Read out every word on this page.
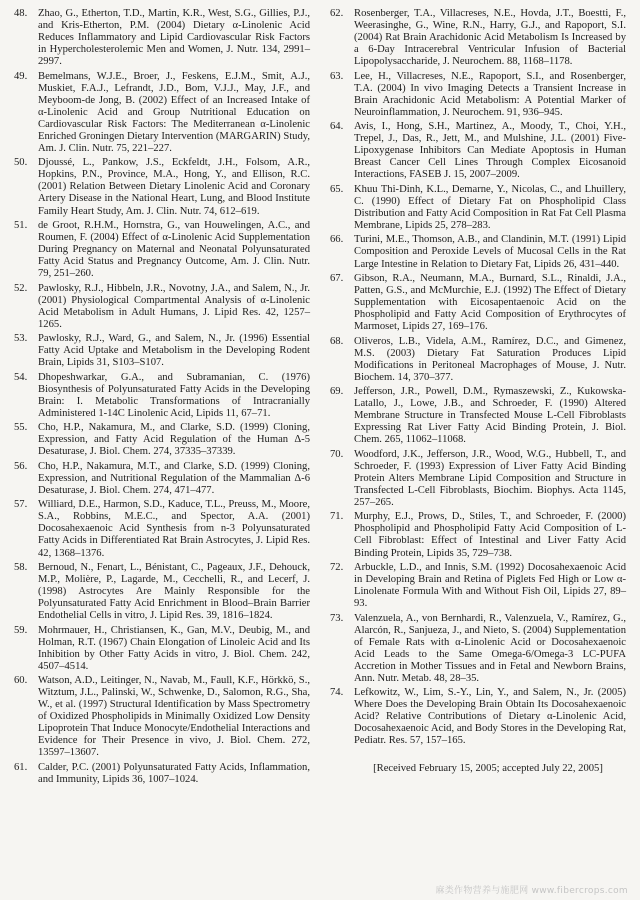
48.	Zhao, G., Etherton, T.D., Martin, K.R., West, S.G., Gillies, P.J., and Kris-Etherton, P.M. (2004) Dietary α-Linolenic Acid Reduces Inflammatory and Lipid Cardiovascular Risk Factors in Hypercholesterolemic Men and Women, J. Nutr. 134, 2991–2997.
49.	Bemelmans, W.J.E., Broer, J., Feskens, E.J.M., Smit, A.J., Muskiet, F.A.J., Lefrandt, J.D., Bom, V.J.J., May, J.F., and Meyboom-de Jong, B. (2002) Effect of an Increased Intake of α-Linolenic Acid and Group Nutritional Education on Cardiovascular Risk Factors: The Mediterranean α-Linolenic Enriched Groningen Dietary Intervention (MARGARIN) Study, Am. J. Clin. Nutr. 75, 221–227.
50.	Djoussé, L., Pankow, J.S., Eckfeldt, J.H., Folsom, A.R., Hopkins, P.N., Province, M.A., Hong, Y., and Ellison, R.C. (2001) Relation Between Dietary Linolenic Acid and Coronary Artery Disease in the National Heart, Lung, and Blood Institute Family Heart Study, Am. J. Clin. Nutr. 74, 612–619.
51.	de Groot, R.H.M., Hornstra, G., van Houwelingen, A.C., and Roumen, F. (2004) Effect of α-Linolenic Acid Supplementation During Pregnancy on Maternal and Neonatal Polyunsaturated Fatty Acid Status and Pregnancy Outcome, Am. J. Clin. Nutr. 79, 251–260.
52.	Pawlosky, R.J., Hibbeln, J.R., Novotny, J.A., and Salem, N., Jr. (2001) Physiological Compartmental Analysis of α-Linolenic Acid Metabolism in Adult Humans, J. Lipid Res. 42, 1257–1265.
53.	Pawlosky, R.J., Ward, G., and Salem, N., Jr. (1996) Essential Fatty Acid Uptake and Metabolism in the Developing Rodent Brain, Lipids 31, S103–S107.
54.	Dhopeshwarkar, G.A., and Subramanian, C. (1976) Biosynthesis of Polyunsaturated Fatty Acids in the Developing Brain: I. Metabolic Transformations of Intracranially Administered 1-14C Linolenic Acid, Lipids 11, 67–71.
55.	Cho, H.P., Nakamura, M., and Clarke, S.D. (1999) Cloning, Expression, and Fatty Acid Regulation of the Human Δ-5 Desaturase, J. Biol. Chem. 274, 37335–37339.
56.	Cho, H.P., Nakamura, M.T., and Clarke, S.D. (1999) Cloning, Expression, and Nutritional Regulation of the Mammalian Δ-6 Desaturase, J. Biol. Chem. 274, 471–477.
57.	Williard, D.E., Harmon, S.D., Kaduce, T.L., Preuss, M., Moore, S.A., Robbins, M.E.C., and Spector, A.A. (2001) Docosahexaenoic Acid Synthesis from n-3 Polyunsaturated Fatty Acids in Differentiated Rat Brain Astrocytes, J. Lipid Res. 42, 1368–1376.
58.	Bernoud, N., Fenart, L., Bénistant, C., Pageaux, J.F., Dehouck, M.P., Molière, P., Lagarde, M., Cecchelli, R., and Lecerf, J. (1998) Astrocytes Are Mainly Responsible for the Polyunsaturated Fatty Acid Enrichment in Blood–Brain Barrier Endothelial Cells in vitro, J. Lipid Res. 39, 1816–1824.
59.	Mohrmauer, H., Christiansen, K., Gan, M.V., Deubig, M., and Holman, R.T. (1967) Chain Elongation of Linoleic Acid and Its Inhibition by Other Fatty Acids in vitro, J. Biol. Chem. 242, 4507–4514.
60.	Watson, A.D., Leitinger, N., Navab, M., Faull, K.F., Hörkkö, S., Witztum, J.L., Palinski, W., Schwenke, D., Salomon, R.G., Sha, W., et al. (1997) Structural Identification by Mass Spectrometry of Oxidized Phospholipids in Minimally Oxidized Low Density Lipoprotein That Induce Monocyte/Endothelial Interactions and Evidence for Their Presence in vivo, J. Biol. Chem. 272, 13597–13607.
61.	Calder, P.C. (2001) Polyunsaturated Fatty Acids, Inflammation, and Immunity, Lipids 36, 1007–1024.
62.	Rosenberger, T.A., Villacreses, N.E., Hovda, J.T., Boestti, F., Weerasinghe, G., Wine, R.N., Harry, G.J., and Rapoport, S.I. (2004) Rat Brain Arachidonic Acid Metabolism Is Increased by a 6-Day Intracerebral Ventricular Infusion of Bacterial Lipopolysaccharide, J. Neurochem. 88, 1168–1178.
63.	Lee, H., Villacreses, N.E., Rapoport, S.I., and Rosenberger, T.A. (2004) In vivo Imaging Detects a Transient Increase in Brain Arachidonic Acid Metabolism: A Potential Marker of Neuroinflammation, J. Neurochem. 91, 936–945.
64.	Avis, I., Hong, S.H., Martinez, A., Moody, T., Choi, Y.H., Trepel, J., Das, R., Jett, M., and Mulshine, J.L. (2001) Five-Lipoxygenase Inhibitors Can Mediate Apoptosis in Human Breast Cancer Cell Lines Through Complex Eicosanoid Interactions, FASEB J. 15, 2007–2009.
65.	Khuu Thi-Dinh, K.L., Demarne, Y., Nicolas, C., and Lhuillery, C. (1990) Effect of Dietary Fat on Phospholipid Class Distribution and Fatty Acid Composition in Rat Fat Cell Plasma Membrane, Lipids 25, 278–283.
66.	Turini, M.E., Thomson, A.B., and Clandinin, M.T. (1991) Lipid Composition and Peroxide Levels of Mucosal Cells in the Rat Large Intestine in Relation to Dietary Fat, Lipids 26, 431–440.
67.	Gibson, R.A., Neumann, M.A., Burnard, S.L., Rinaldi, J.A., Patten, G.S., and McMurchie, E.J. (1992) The Effect of Dietary Supplementation with Eicosapentaenoic Acid on the Phospholipid and Fatty Acid Composition of Erythrocytes of Marmoset, Lipids 27, 169–176.
68.	Oliveros, L.B., Videla, A.M., Ramírez, D.C., and Gimenez, M.S. (2003) Dietary Fat Saturation Produces Lipid Modifications in Peritoneal Macrophages of Mouse, J. Nutr. Biochem. 14, 370–377.
69.	Jefferson, J.R., Powell, D.M., Rymaszewski, Z., Kukowska-Latallo, J., Lowe, J.B., and Schroeder, F. (1990) Altered Membrane Structure in Transfected Mouse L-Cell Fibroblasts Expressing Rat Liver Fatty Acid Binding Protein, J. Biol. Chem. 265, 11062–11068.
70.	Woodford, J.K., Jefferson, J.R., Wood, W.G., Hubbell, T., and Schroeder, F. (1993) Expression of Liver Fatty Acid Binding Protein Alters Membrane Lipid Composition and Structure in Transfected L-Cell Fibroblasts, Biochim. Biophys. Acta 1145, 257–265.
71.	Murphy, E.J., Prows, D., Stiles, T., and Schroeder, F. (2000) Phospholipid and Phospholipid Fatty Acid Composition of L-Cell Fibroblast: Effect of Intestinal and Liver Fatty Acid Binding Protein, Lipids 35, 729–738.
72.	Arbuckle, L.D., and Innis, S.M. (1992) Docosahexaenoic Acid in Developing Brain and Retina of Piglets Fed High or Low α-Linolenate Formula With and Without Fish Oil, Lipids 27, 89–93.
73.	Valenzuela, A., von Bernhardi, R., Valenzuela, V., Ramírez, G., Alarcón, R., Sanjueza, J., and Nieto, S. (2004) Supplementation of Female Rats with α-Linolenic Acid or Docosahexaenoic Acid Leads to the Same Omega-6/Omega-3 LC-PUFA Accretion in Mother Tissues and in Fetal and Newborn Brains, Ann. Nutr. Metab. 48, 28–35.
74.	Lefkowitz, W., Lim, S.-Y., Lin, Y., and Salem, N., Jr. (2005) Where Does the Developing Brain Obtain Its Docosahexaenoic Acid? Relative Contributions of Dietary α-Linolenic Acid, Docosahexaenoic Acid, and Body Stores in the Developing Rat, Pediatr. Res. 57, 157–165.
[Received February 15, 2005; accepted July 22, 2005]
麻类作物营养与施肥网 www.fibercrops.com
